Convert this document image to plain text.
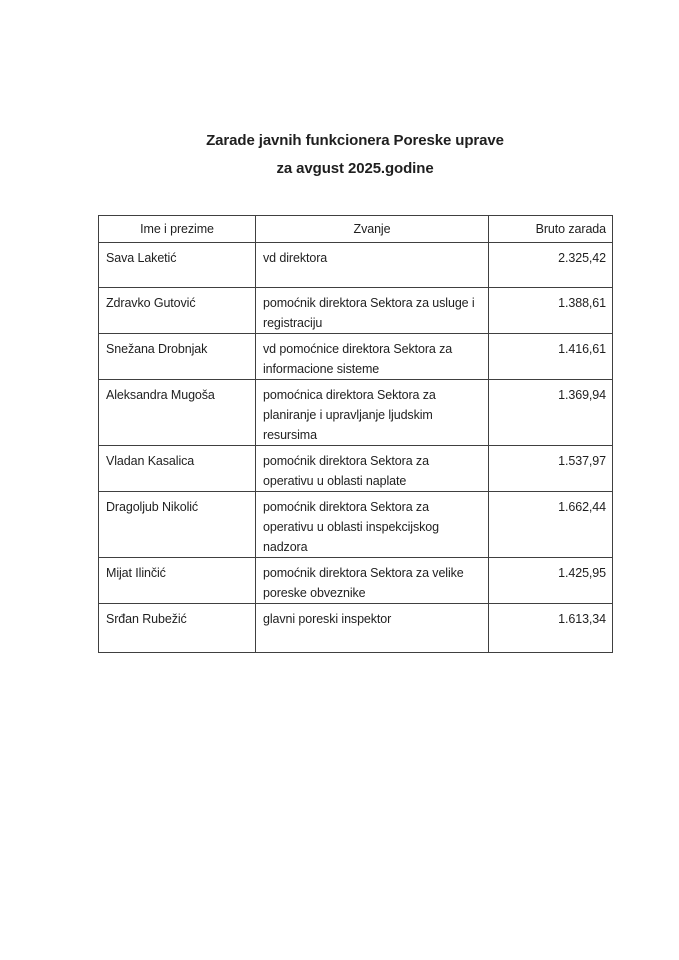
Zarade javnih funkcionera Poreske uprave
za avgust 2025.godine
Ime i prezime	Zvanje	Bruto zarada
Sava Laketić	vd direktora	2.325,42
Zdravko Gutović	pomoćnik direktora Sektora za usluge i registraciju	1.388,61
Snežana Drobnjak	vd pomoćnice direktora Sektora za informacione sisteme	1.416,61
Aleksandra Mugoša	pomoćnica direktora Sektora za planiranje i upravljanje ljudskim resursima	1.369,94
Vladan Kasalica	pomoćnik direktora Sektora za operativu u oblasti naplate	1.537,97
Dragoljub Nikolić	pomoćnik direktora Sektora za operativu u oblasti inspekcijskog nadzora	1.662,44
Mijat Ilinčić	pomoćnik direktora Sektora za velike poreske obveznike	1.425,95
Srđan Rubežić	glavni poreski inspektor	1.613,34
